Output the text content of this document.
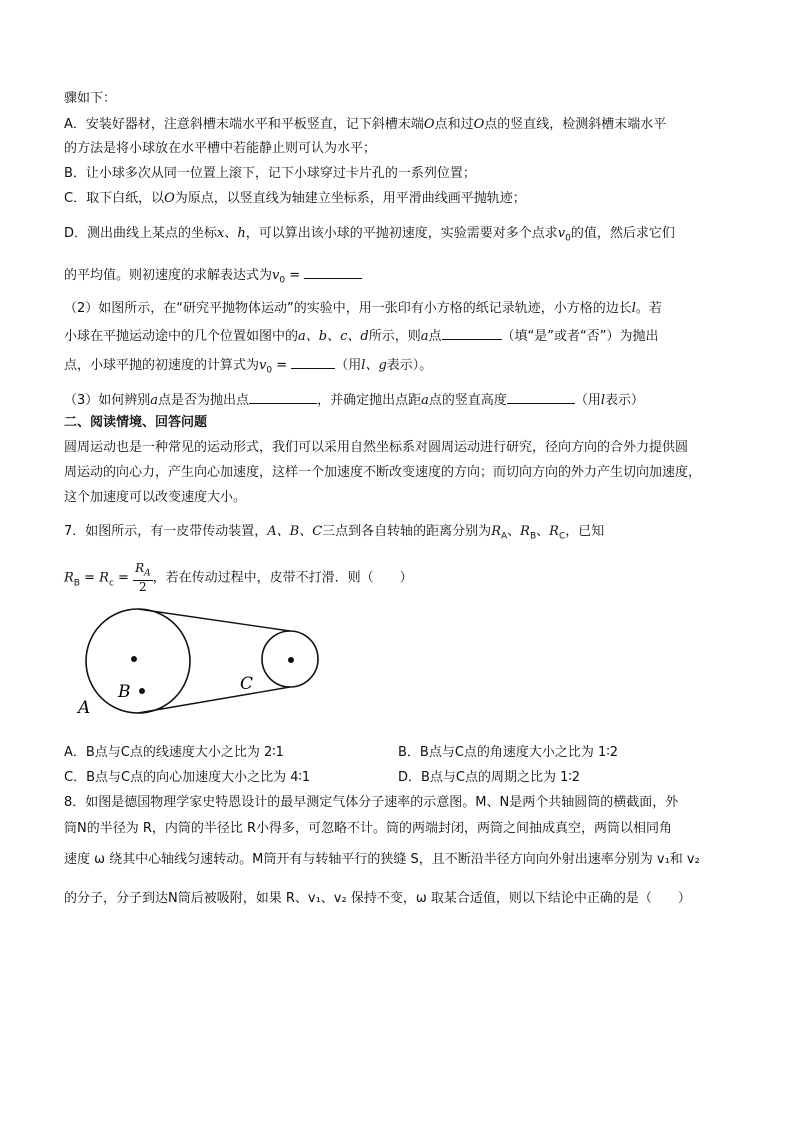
骤如下：
A．安装好器材，注意斜槽末端水平和平板竖直，记下斜槽末端O点和过O点的竖直线，检测斜槽末端水平
的方法是将小球放在水平槽中若能静止则可认为水平；
B．让小球多次从同一位置上滚下，记下小球穿过卡片孔的一系列位置；
C．取下白纸，以O为原点，以竖直线为轴建立坐标系，用平滑曲线画平抛轨迹；
D．测出曲线上某点的坐标x、h，可以算出该小球的平抛初速度，实验需要对多个点求$v_0$的值，然后求它们
的平均值。则初速度的求解表达式为$v_0$ =
（2）如图所示，在“研究平抛物体运动”的实验中，用一张印有小方格的纸记录轨迹，小方格的边长l。若
小球在平抛运动途中的几个位置如图中的a、b、c、d所示，则a点	（填“是”或者“否”）为抛出
点，小球平抛的初速度的计算式为$v_0$ =	（用l、g表示）。
（3）如何辨别a点是否为抛出点	，并确定抛出点距a点的竖直高度	（用l表示）
二、阅读情境、回答问题
圆周运动也是一种常见的运动形式，我们可以采用自然坐标系对圆周运动进行研究，径向方向的合外力提供圆
周运动的向心力，产生向心加速度，这样一个加速度不断改变速度的方向；而切向方向的外力产生切向加速度，
这个加速度可以改变速度大小。
7．如图所示，有一皮带传动装置，A、B、C三点到各自转轴的距离分别为$R_A$、$R_B$、$R_C$，已知
$R_B = R_c = \frac{R_A}{2}$ ，若在传动过程中，皮带不打滑．则（　　）
A
B	C
A．B点与C点的线速度大小之比为 2∶1	B．B点与C点的角速度大小之比为 1∶2
C．B点与C点的向心加速度大小之比为 4∶1	D．B点与C点的周期之比为 1∶2
8．如图是德国物理学家史特恩设计的最早测定气体分子速率的示意图。M、N是两个共轴圆筒的横截面，外
筒N的半径为 R，内筒的半径比 R小得多，可忽略不计。筒的两端封闭，两筒之间抽成真空，两筒以相同角
速度 ω 绕其中心轴线匀速转动。M筒开有与转轴平行的狭缝 S，且不断沿半径方向向外射出速率分别为 v₁和 v₂
的分子，分子到达N筒后被吸附，如果 R、v₁、v₂ 保持不变，ω 取某合适值，则以下结论中正确的是（　　）
